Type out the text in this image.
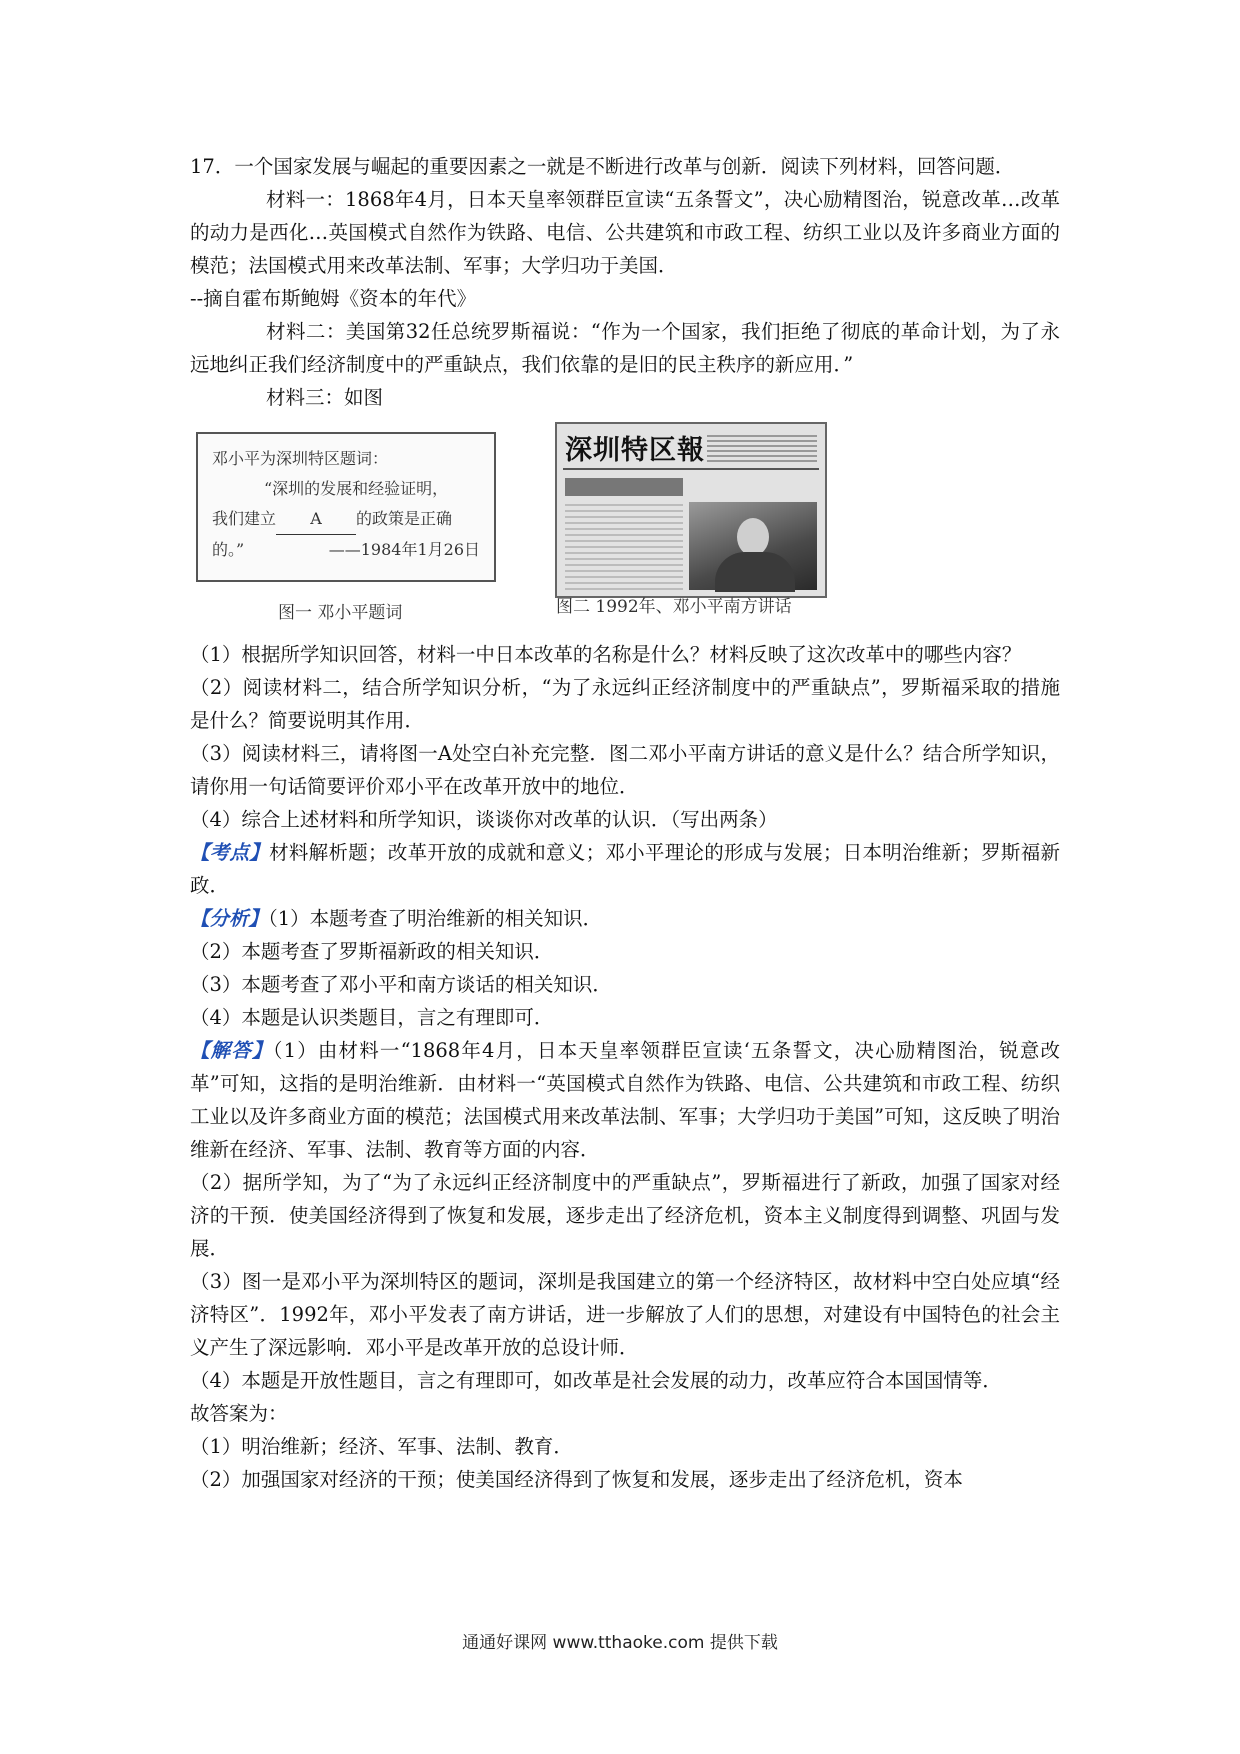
17．一个国家发展与崛起的重要因素之一就是不断进行改革与创新．阅读下列材料，回答问题．

材料一：1868年4月，日本天皇率领群臣宣读“五条誓文”，决心励精图治，锐意改革…改革的动力是西化…英国模式自然作为铁路、电信、公共建筑和市政工程、纺织工业以及许多商业方面的模范；法国模式用来改革法制、军事；大学归功于美国．

--摘自霍布斯鲍姆《资本的年代》

材料二：美国第32任总统罗斯福说：“作为一个国家，我们拒绝了彻底的革命计划，为了永远地纠正我们经济制度中的严重缺点，我们依靠的是旧的民主秩序的新应用．”

材料三：如图

邓小平为深圳特区题词：
“深圳的发展和经验证明，
我们建立 A 的政策是正确
的。”	——1984年1月26日
图一 邓小平题词
深圳特区報
图二 1992年、邓小平南方讲话

（1）根据所学知识回答，材料一中日本改革的名称是什么？材料反映了这次改革中的哪些内容？

（2）阅读材料二，结合所学知识分析，“为了永远纠正经济制度中的严重缺点”，罗斯福采取的措施是什么？简要说明其作用．

（3）阅读材料三，请将图一A处空白补充完整．图二邓小平南方讲话的意义是什么？结合所学知识，请你用一句话简要评价邓小平在改革开放中的地位．

（4）综合上述材料和所学知识，谈谈你对改革的认识．（写出两条）

【考点】材料解析题；改革开放的成就和意义；邓小平理论的形成与发展；日本明治维新；罗斯福新政．

【分析】（1）本题考查了明治维新的相关知识．

（2）本题考查了罗斯福新政的相关知识．

（3）本题考查了邓小平和南方谈话的相关知识．

（4）本题是认识类题目，言之有理即可．

【解答】（1）由材料一“1868年4月，日本天皇率领群臣宣读‘五条誓文，决心励精图治，锐意改革”可知，这指的是明治维新．由材料一“英国模式自然作为铁路、电信、公共建筑和市政工程、纺织工业以及许多商业方面的模范；法国模式用来改革法制、军事；大学归功于美国”可知，这反映了明治维新在经济、军事、法制、教育等方面的内容．

（2）据所学知，为了“为了永远纠正经济制度中的严重缺点”，罗斯福进行了新政，加强了国家对经济的干预．使美国经济得到了恢复和发展，逐步走出了经济危机，资本主义制度得到调整、巩固与发展．

（3）图一是邓小平为深圳特区的题词，深圳是我国建立的第一个经济特区，故材料中空白处应填“经济特区”．1992年，邓小平发表了南方讲话，进一步解放了人们的思想，对建设有中国特色的社会主义产生了深远影响．邓小平是改革开放的总设计师．

（4）本题是开放性题目，言之有理即可，如改革是社会发展的动力，改革应符合本国国情等．

故答案为：

（1）明治维新；经济、军事、法制、教育．

（2）加强国家对经济的干预；使美国经济得到了恢复和发展，逐步走出了经济危机，资本

通通好课网 www.tthaoke.com 提供下载
